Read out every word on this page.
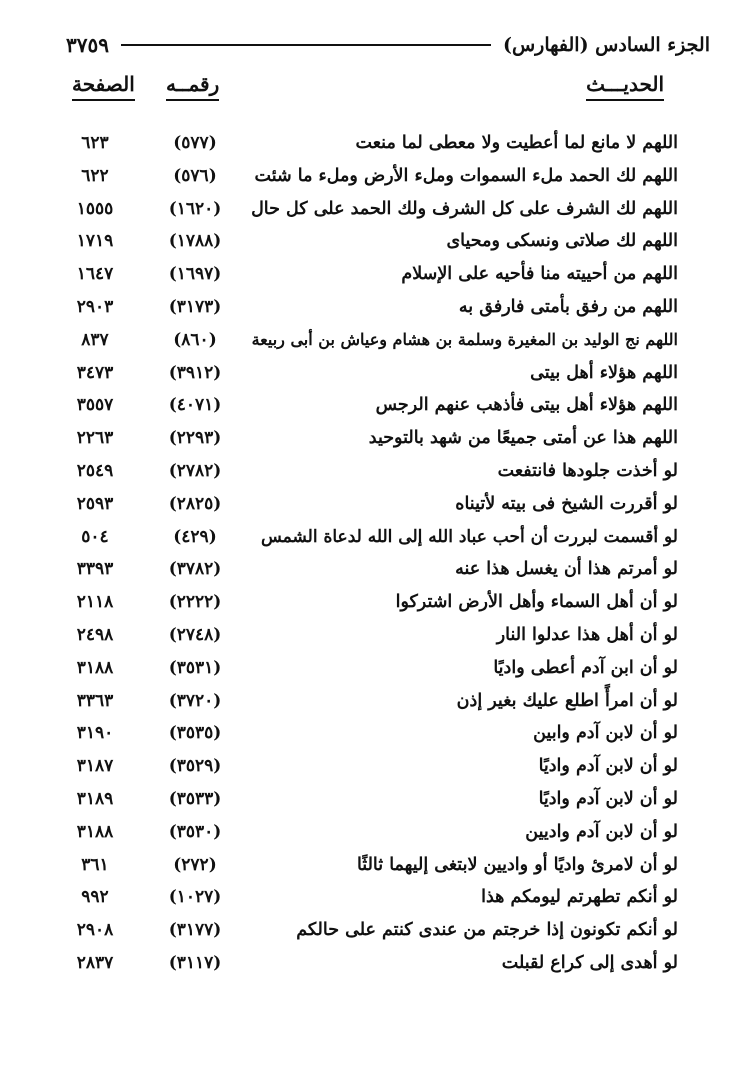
الجزء السادس (الفهارس)
٣٧٥٩
الحديـــث
رقمــه
الصفحة
اللهم لا مانع لما أعطيت ولا معطى لما منعت
(٥٧٧)
٦٢٣
اللهم لك الحمد ملء السموات وملء الأرض وملء ما شئت
(٥٧٦)
٦٢٢
اللهم لك الشرف على كل الشرف ولك الحمد على كل حال
(١٦٢٠)
١٥٥٥
اللهم لك صلاتى ونسكى ومحياى
(١٧٨٨)
١٧١٩
اللهم من أحييته منا فأحيه على الإسلام
(١٦٩٧)
١٦٤٧
اللهم من رفق بأمتى فارفق به
(٣١٧٣)
٢٩٠٣
اللهم نج الوليد بن المغيرة وسلمة بن هشام وعياش بن أبى ربيعة
(٨٦٠)
٨٣٧
اللهم هؤلاء أهل بيتى
(٣٩١٢)
٣٤٧٣
اللهم هؤلاء أهل بيتى فأذهب عنهم الرجس
(٤٠٧١)
٣٥٥٧
اللهم هذا عن أمتى جميعًا من شهد بالتوحيد
(٢٢٩٣)
٢٢٦٣
لو أخذت جلودها فانتفعت
(٢٧٨٢)
٢٥٤٩
لو أقررت الشيخ فى بيته لأتيناه
(٢٨٢٥)
٢٥٩٣
لو أقسمت لبررت أن أحب عباد الله إلى الله لدعاة الشمس
(٤٢٩)
٥٠٤
لو أمرتم هذا أن يغسل هذا عنه
(٣٧٨٢)
٣٣٩٣
لو أن أهل السماء وأهل الأرض اشتركوا
(٢٢٢٢)
٢١١٨
لو أن أهل هذا عدلوا النار
(٢٧٤٨)
٢٤٩٨
لو أن ابن آدم أعطى واديًا
(٣٥٣١)
٣١٨٨
لو أن امرأً اطلع عليك بغير إذن
(٣٧٢٠)
٣٣٦٣
لو أن لابن آدم وابين
(٣٥٣٥)
٣١٩٠
لو أن لابن آدم واديًا
(٣٥٢٩)
٣١٨٧
لو أن لابن آدم واديًا
(٣٥٣٣)
٣١٨٩
لو أن لابن آدم واديين
(٣٥٣٠)
٣١٨٨
لو أن لامرئ واديًا أو واديين لابتغى إليهما ثالثًا
(٢٧٢)
٣٦١
لو أنكم تطهرتم ليومكم هذا
(١٠٢٧)
٩٩٢
لو أنكم تكونون إذا خرجتم من عندى كنتم على حالكم
(٣١٧٧)
٢٩٠٨
لو أهدى إلى كراع لقبلت
(٣١١٧)
٢٨٣٧
